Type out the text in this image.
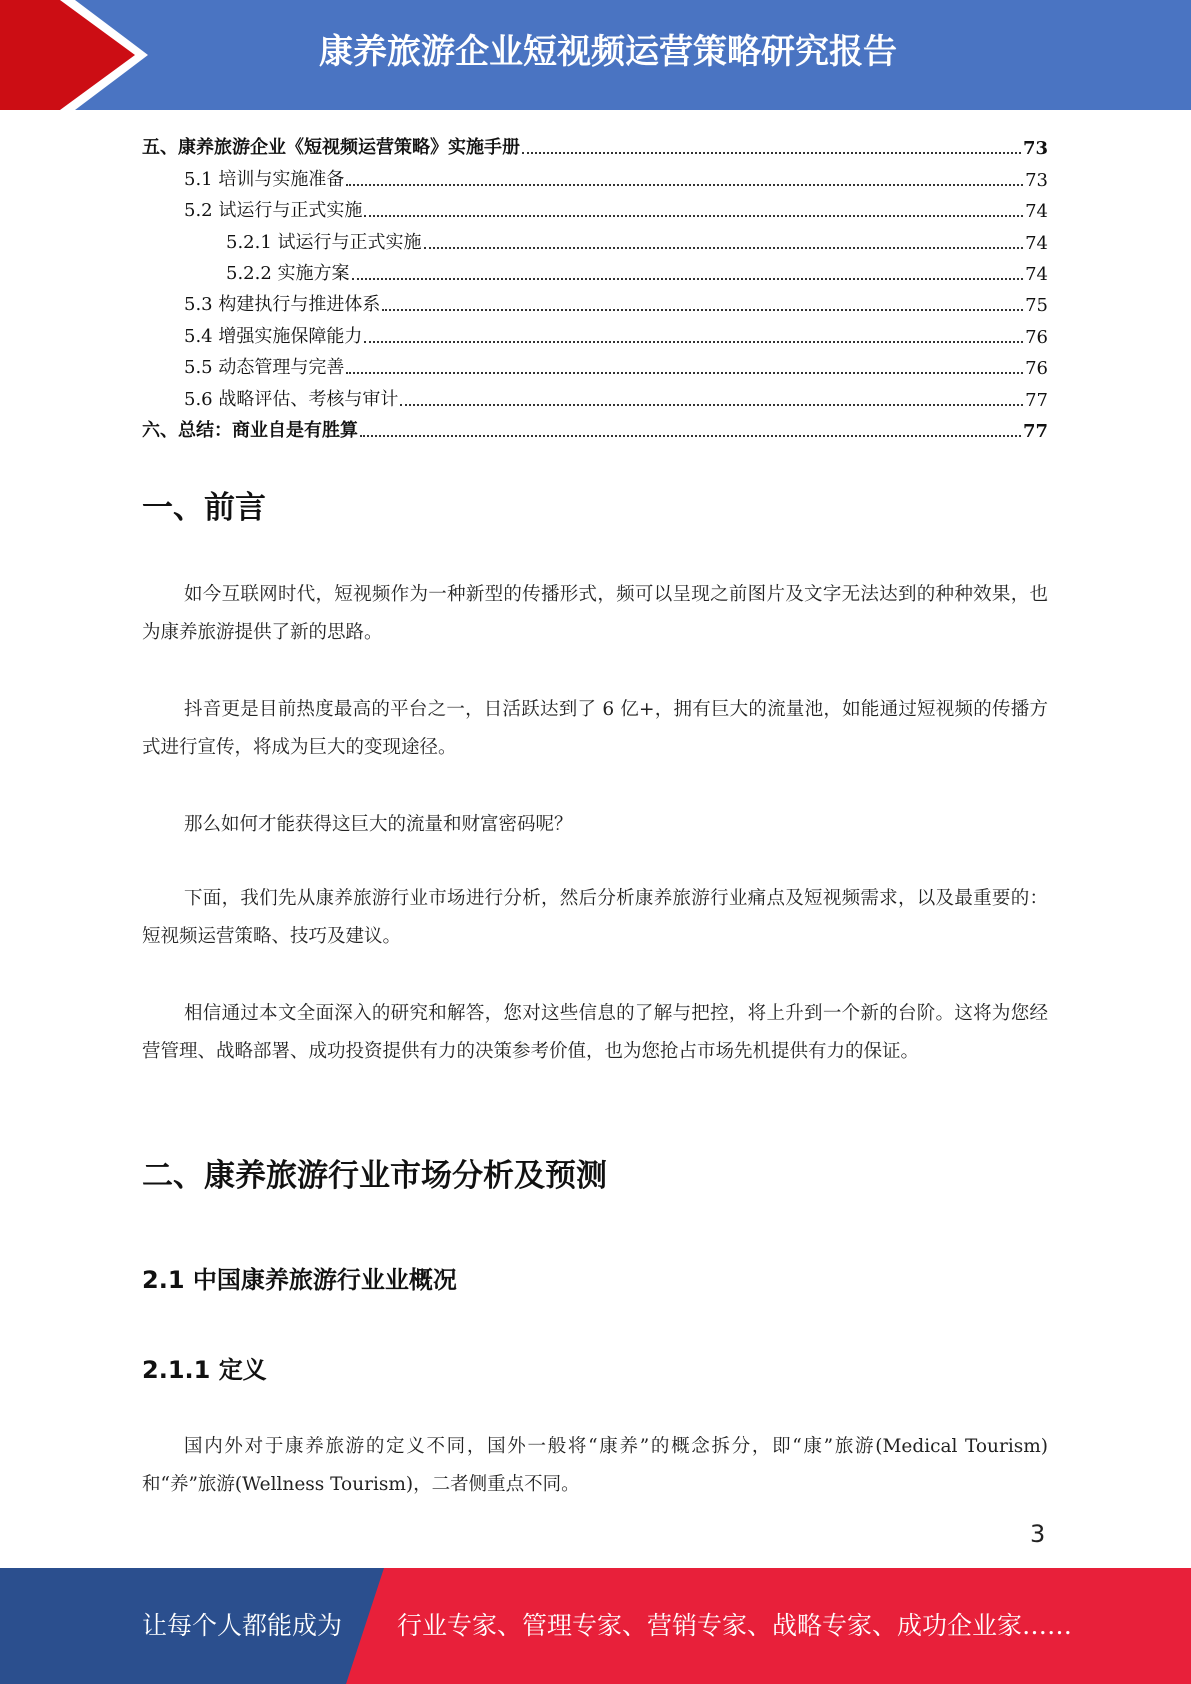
康养旅游企业短视频运营策略研究报告
五、康养旅游企业《短视频运营策略》实施手册	73
5.1 培训与实施准备	73
5.2 试运行与正式实施	74
5.2.1 试运行与正式实施	74
5.2.2 实施方案	74
5.3 构建执行与推进体系	75
5.4 增强实施保障能力	76
5.5 动态管理与完善	76
5.6 战略评估、考核与审计	77
六、总结：商业自是有胜算	77
一、前言
如今互联网时代，短视频作为一种新型的传播形式，频可以呈现之前图片及文字无法达到的种种效果，也为康养旅游提供了新的思路。
抖音更是目前热度最高的平台之一，日活跃达到了 6 亿+，拥有巨大的流量池，如能通过短视频的传播方式进行宣传，将成为巨大的变现途径。
那么如何才能获得这巨大的流量和财富密码呢？
下面，我们先从康养旅游行业市场进行分析，然后分析康养旅游行业痛点及短视频需求，以及最重要的：短视频运营策略、技巧及建议。
相信通过本文全面深入的研究和解答，您对这些信息的了解与把控，将上升到一个新的台阶。这将为您经营管理、战略部署、成功投资提供有力的决策参考价值，也为您抢占市场先机提供有力的保证。
二、康养旅游行业市场分析及预测
2.1 中国康养旅游行业业概况
2.1.1 定义
国内外对于康养旅游的定义不同，国外一般将“康养”的概念拆分，即“康”旅游(Medical Tourism)和“养”旅游(Wellness Tourism)，二者侧重点不同。
3
让每个人都能成为 行业专家、管理专家、营销专家、战略专家、成功企业家……
